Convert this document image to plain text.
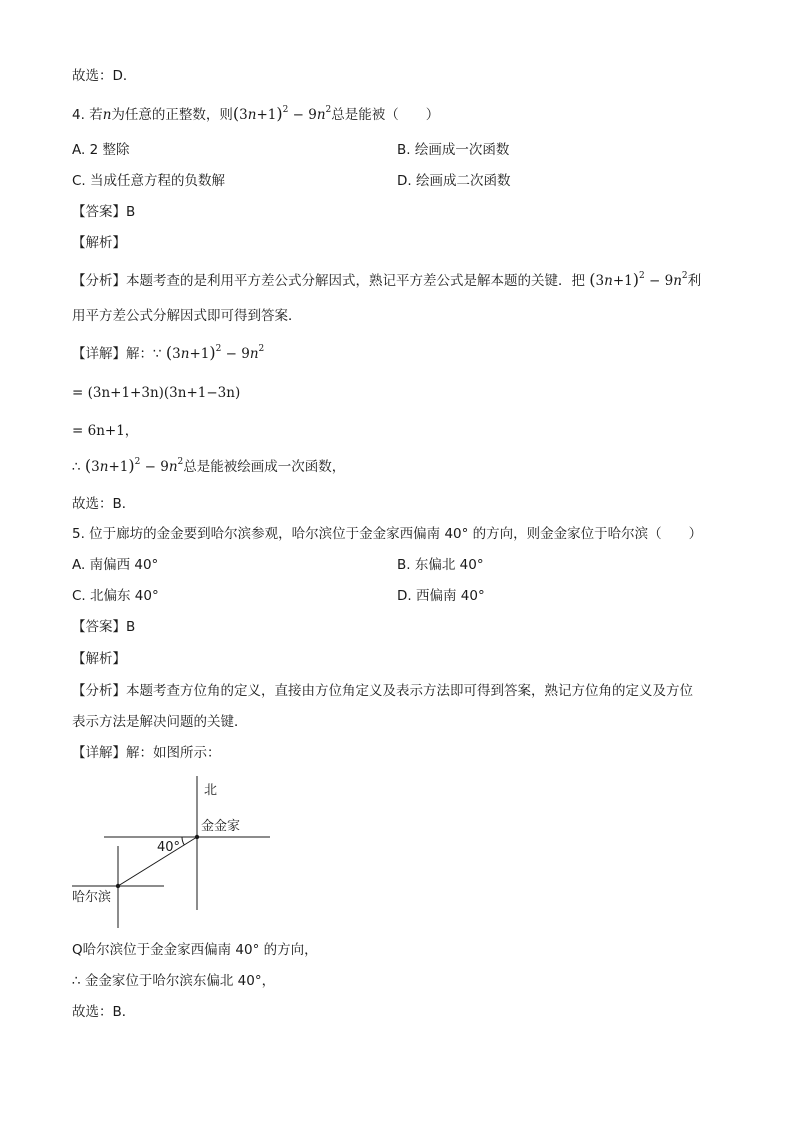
故选：D．
4. 若n为任意的正整数，则$(3n+1)^2 - 9n^2$总是能被（　　）
A. 2 整除	B. 绘画成一次函数
C. 当成任意方程的负数解	D. 绘画成二次函数
【答案】B
【解析】
【分析】本题考查的是利用平方差公式分解因式，熟记平方差公式是解本题的关键．把 $(3n+1)^2 - 9n^2$利
用平方差公式分解因式即可得到答案．
【详解】解：∵ $(3n+1)^2 - 9n^2$
= (3n+1+3n)(3n+1−3n)
= 6n+1，
∴ $(3n+1)^2 - 9n^2$总是能被绘画成一次函数，
故选：B．
5. 位于廊坊的金金要到哈尔滨参观，哈尔滨位于金金家西偏南 40° 的方向，则金金家位于哈尔滨（　　）
A. 南偏西 40°	B. 东偏北 40°
C. 北偏东 40°	D. 西偏南 40°
【答案】B
【解析】
【分析】本题考查方位角的定义，直接由方位角定义及表示方法即可得到答案，熟记方位角的定义及方位
表示方法是解决问题的关键．
【详解】解：如图所示：
北
金金家
40°
哈尔滨
Q哈尔滨位于金金家西偏南 40° 的方向，
∴ 金金家位于哈尔滨东偏北 40°，
故选：B．
